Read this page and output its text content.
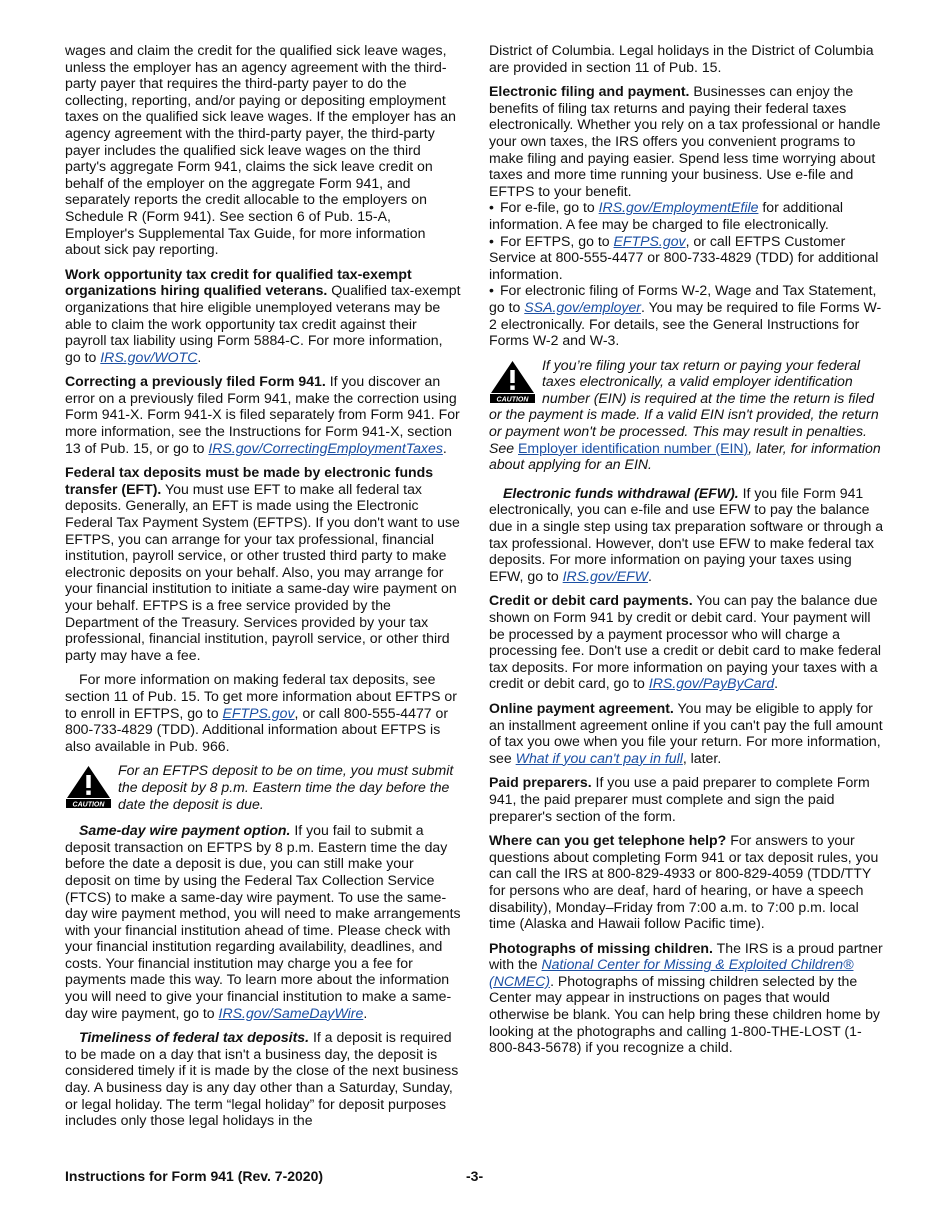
wages and claim the credit for the qualified sick leave wages, unless the employer has an agency agreement with the third-party payer that requires the third-party payer to do the collecting, reporting, and/or paying or depositing employment taxes on the qualified sick leave wages. If the employer has an agency agreement with the third-party payer, the third-party payer includes the qualified sick leave wages on the third party's aggregate Form 941, claims the sick leave credit on behalf of the employer on the aggregate Form 941, and separately reports the credit allocable to the employers on Schedule R (Form 941). See section 6 of Pub. 15-A, Employer's Supplemental Tax Guide, for more information about sick pay reporting.

Work opportunity tax credit for qualified tax-exempt organizations hiring qualified veterans. Qualified tax-exempt organizations that hire eligible unemployed veterans may be able to claim the work opportunity tax credit against their payroll tax liability using Form 5884-C. For more information, go to IRS.gov/WOTC.

Correcting a previously filed Form 941. If you discover an error on a previously filed Form 941, make the correction using Form 941-X. Form 941-X is filed separately from Form 941. For more information, see the Instructions for Form 941-X, section 13 of Pub. 15, or go to IRS.gov/CorrectingEmploymentTaxes.

Federal tax deposits must be made by electronic funds transfer (EFT). You must use EFT to make all federal tax deposits. Generally, an EFT is made using the Electronic Federal Tax Payment System (EFTPS). If you don't want to use EFTPS, you can arrange for your tax professional, financial institution, payroll service, or other trusted third party to make electronic deposits on your behalf. Also, you may arrange for your financial institution to initiate a same-day wire payment on your behalf. EFTPS is a free service provided by the Department of the Treasury. Services provided by your tax professional, financial institution, payroll service, or other third party may have a fee.

For more information on making federal tax deposits, see section 11 of Pub. 15. To get more information about EFTPS or to enroll in EFTPS, go to EFTPS.gov, or call 800-555-4477 or 800-733-4829 (TDD). Additional information about EFTPS is also available in Pub. 966.

CAUTION
For an EFTPS deposit to be on time, you must submit the deposit by 8 p.m. Eastern time the day before the date the deposit is due.

Same-day wire payment option. If you fail to submit a deposit transaction on EFTPS by 8 p.m. Eastern time the day before the date a deposit is due, you can still make your deposit on time by using the Federal Tax Collection Service (FTCS) to make a same-day wire payment. To use the same-day wire payment method, you will need to make arrangements with your financial institution ahead of time. Please check with your financial institution regarding availability, deadlines, and costs. Your financial institution may charge you a fee for payments made this way. To learn more about the information you will need to give your financial institution to make a same-day wire payment, go to IRS.gov/SameDayWire.

Timeliness of federal tax deposits. If a deposit is required to be made on a day that isn't a business day, the deposit is considered timely if it is made by the close of the next business day. A business day is any day other than a Saturday, Sunday, or legal holiday. The term “legal holiday” for deposit purposes includes only those legal holidays in the

District of Columbia. Legal holidays in the District of Columbia are provided in section 11 of Pub. 15.

Electronic filing and payment. Businesses can enjoy the benefits of filing tax returns and paying their federal taxes electronically. Whether you rely on a tax professional or handle your own taxes, the IRS offers you convenient programs to make filing and paying easier. Spend less time worrying about taxes and more time running your business. Use e-file and EFTPS to your benefit.

• For e-file, go to IRS.gov/EmploymentEfile for additional information. A fee may be charged to file electronically.
• For EFTPS, go to EFTPS.gov, or call EFTPS Customer Service at 800-555-4477 or 800-733-4829 (TDD) for additional information.
• For electronic filing of Forms W-2, Wage and Tax Statement, go to SSA.gov/employer. You may be required to file Forms W-2 electronically. For details, see the General Instructions for Forms W-2 and W-3.
CAUTION
If you’re filing your tax return or paying your federal taxes electronically, a valid employer identification number (EIN) is required at the time the return is filed or the payment is made. If a valid EIN isn't provided, the return or payment won't be processed. This may result in penalties. See Employer identification number (EIN), later, for information about applying for an EIN.

Electronic funds withdrawal (EFW). If you file Form 941 electronically, you can e-file and use EFW to pay the balance due in a single step using tax preparation software or through a tax professional. However, don't use EFW to make federal tax deposits. For more information on paying your taxes using EFW, go to IRS.gov/EFW.

Credit or debit card payments. You can pay the balance due shown on Form 941 by credit or debit card. Your payment will be processed by a payment processor who will charge a processing fee. Don't use a credit or debit card to make federal tax deposits. For more information on paying your taxes with a credit or debit card, go to IRS.gov/PayByCard.

Online payment agreement. You may be eligible to apply for an installment agreement online if you can't pay the full amount of tax you owe when you file your return. For more information, see What if you can't pay in full, later.

Paid preparers. If you use a paid preparer to complete Form 941, the paid preparer must complete and sign the paid preparer's section of the form.

Where can you get telephone help? For answers to your questions about completing Form 941 or tax deposit rules, you can call the IRS at 800-829-4933 or 800-829-4059 (TDD/TTY for persons who are deaf, hard of hearing, or have a speech disability), Monday–Friday from 7:00 a.m. to 7:00 p.m. local time (Alaska and Hawaii follow Pacific time).

Photographs of missing children. The IRS is a proud partner with the National Center for Missing & Exploited Children® (NCMEC). Photographs of missing children selected by the Center may appear in instructions on pages that would otherwise be blank. You can help bring these children home by looking at the photographs and calling 1-800-THE-LOST (1-800-843-5678) if you recognize a child.

Instructions for Form 941 (Rev. 7-2020)	-3-
